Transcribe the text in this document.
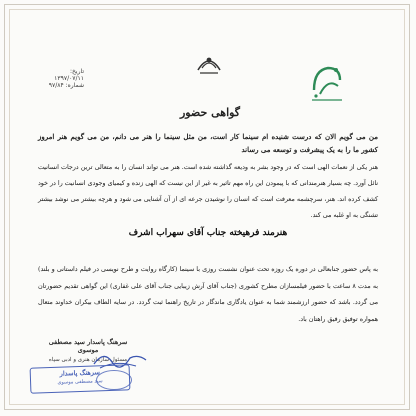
تاریخ: ۱۳۹۷/۰۷/۱۱
شماره: ۹۷/۸۴
گواهی حضور
من می گویم الان که درست شنیده ام سینما کار است، من مثل سینما را هنر می دانم، من می گویم هنر امروز کشور ما را به یک پیشرفت و توسعه می رساند
هنر یکی از نعمات الهی است که در وجود بشر به ودیعه گذاشته شده است. هنر می تواند انسان را به متعالی ترین درجات انسانیت نائل آورد. چه بسیار هنرمندانی که با پیمودن این راه مهم تاثیر به غیر از این نیست که الهی زنده و کیمیای وجودی انسانیت را در خود کشف کرده اند. هنر، سرچشمه معرفت است که انسان را نوشیدن جرعه ای از آن آشنایی می شود و هرچه بیشتر می نوشد بیشتر تشنگی به او غلبه می کند.
هنرمند فرهیخته جناب آقای سهراب اشرف
به پاس حضور جنابعالی در دوره یک روزه تحت عنوان نشست روزی با سینما (کارگاه روایت و طرح نویسی در فیلم داستانی و بلند) به مدت ۸ ساعت با حضور فیلمسازان مطرح کشوری (جناب آقای آرش زیبایی جناب آقای علی غفاری) این گواهی تقدیم حضورتان می گردد. باشد که حضور ارزشمند شما به عنوان یادگاری ماندگار در تاریخ راهنما ثبت گردد. در سایه الطاف بیکران خداوند متعال همواره توفیق رفیق راهتان باد.
سرهنگ پاسدار سید مصطفی موسوی
مسئول سازمان هنری و ادبی سپاه
سرهنگ پاسدار
سید مصطفی موسوی
